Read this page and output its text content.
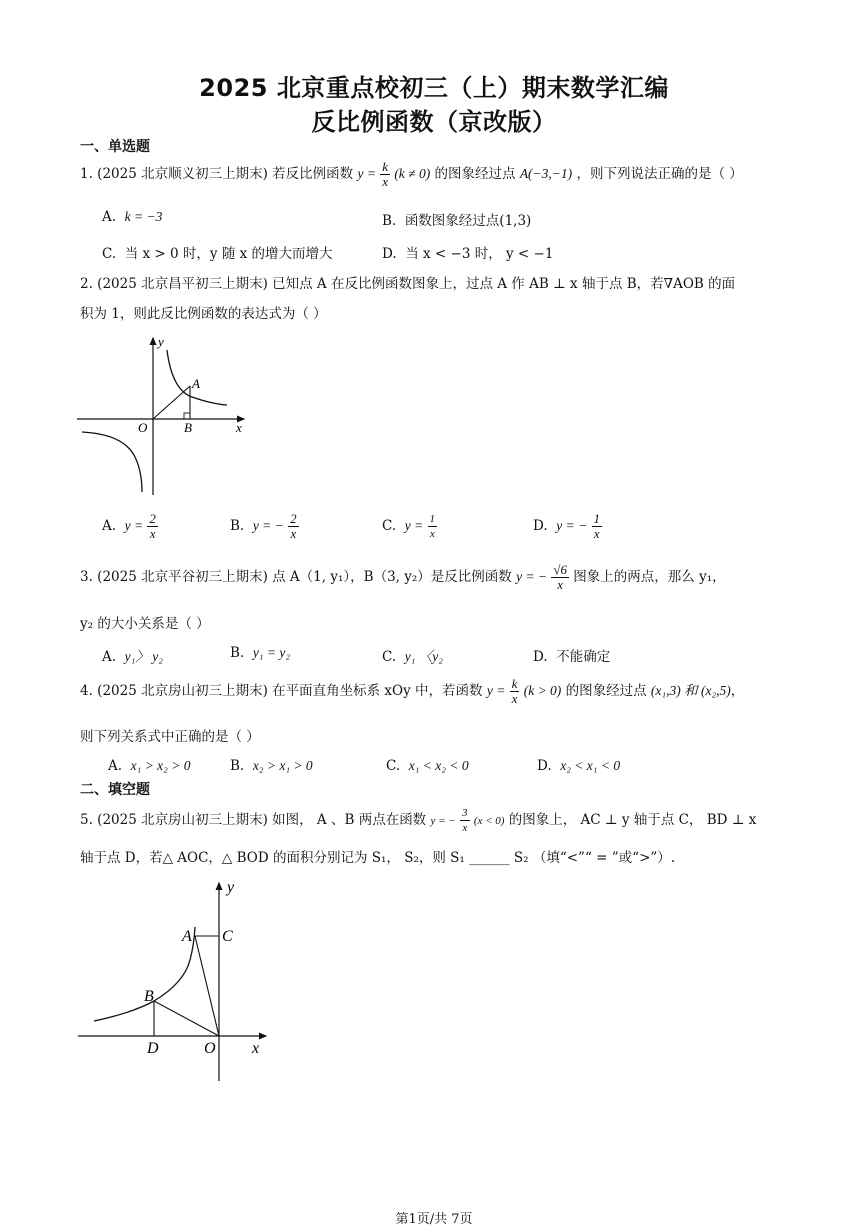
2025 北京重点校初三（上）期末数学汇编
反比例函数（京改版）
一、单选题
1. (2025 北京顺义初三上期末) 若反比例函数 $y = \frac{k}{x} (k \ne 0)$ 的图象经过点 A(−3,−1) ，则下列说法正确的是（ ）
A. k = −3	B. 函数图象经过点(1,3)
C. 当 x > 0 时，y 随 x 的增大而增大	D. 当 x < −3 时， y < −1
2. (2025 北京昌平初三上期末) 已知点 A 在反比例函数图象上，过点 A 作 AB ⊥ x 轴于点 B，若∇AOB 的面
积为 1，则此反比例函数的表达式为（ ）
y
A
O	B	x
A. $y = \frac{2}{x}$	B. y = − $\frac{2}{x}$	C. $y = \frac{1}{x}$	D. y = − $\frac{1}{x}$
3. (2025 北京平谷初三上期末) 点 A（1, y₁），B（3, y₂）是反比例函数 y = − $\frac{√6}{x}$ 图象上的两点，那么 y₁，
y₂ 的大小关系是（ ）
A. y₁〉 y₂	B. y₁ = y₂	C. y₁ 〈y₂	D. 不能确定
4. (2025 北京房山初三上期末) 在平面直角坐标系 xOy 中，若函数 $y = \frac{k}{x} (k > 0)$ 的图象经过点 (x₁,3) 和 (x₂,5)，
则下列关系式中正确的是（ ）
A. x₁ > x₂ > 0	B. x₂ > x₁ > 0	C. x₁ < x₂ < 0	D. x₂ < x₁ < 0
二、填空题
5. (2025 北京房山初三上期末) 如图， A 、B 两点在函数 y = − $\frac{3}{x} (x < 0)$ 的图象上， AC ⊥ y 轴于点 C， BD ⊥ x
轴于点 D，若△ AOC，△ BOD 的面积分别记为 S₁， S₂，则 S₁ ______ S₂ （填“<”“ = ”或“>”）.
y
A C
B
D	O x
第1页/共 7页
